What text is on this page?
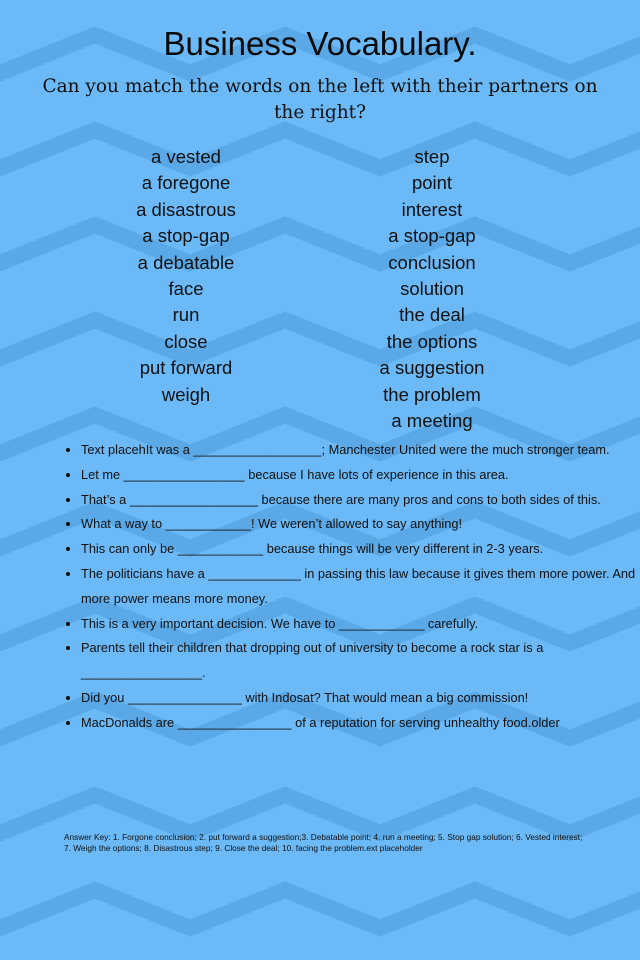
Business Vocabulary.
Can you match the words on the left with their partners on the right?
a vested
a foregone
a disastrous
a stop-gap
a debatable
face
run
close
put forward
weigh
step
point
interest
a stop-gap
conclusion
solution
the deal
the options
a suggestion
the problem
a meeting
• Text placehIt was a __________________; Manchester United were the much stronger team.
• Let me _________________ because I have lots of experience in this area.
• That’s a __________________ because there are many pros and cons to both sides of this.
• What a way to ____________! We weren’t allowed to say anything!
• This can only be ____________ because things will be very different in 2-3 years.
• The politicians have a _____________ in passing this law because it gives them more power. And more power means more money.
• This is a very important decision. We have to ____________ carefully.
• Parents tell their children that dropping out of university to become a rock star is a _________________.
• Did you ________________ with Indosat? That would mean a big commission!
• MacDonalds are ________________ of a reputation for serving unhealthy food.older
Answer Key: 1. Forgone conclusion; 2. put forward a suggestion;3. Debatable point; 4. run a meeting; 5. Stop gap solution; 6. Vested interest; 7. Weigh the options; 8. Disastrous step; 9. Close the deal; 10. facing the problem.ext placeholder
